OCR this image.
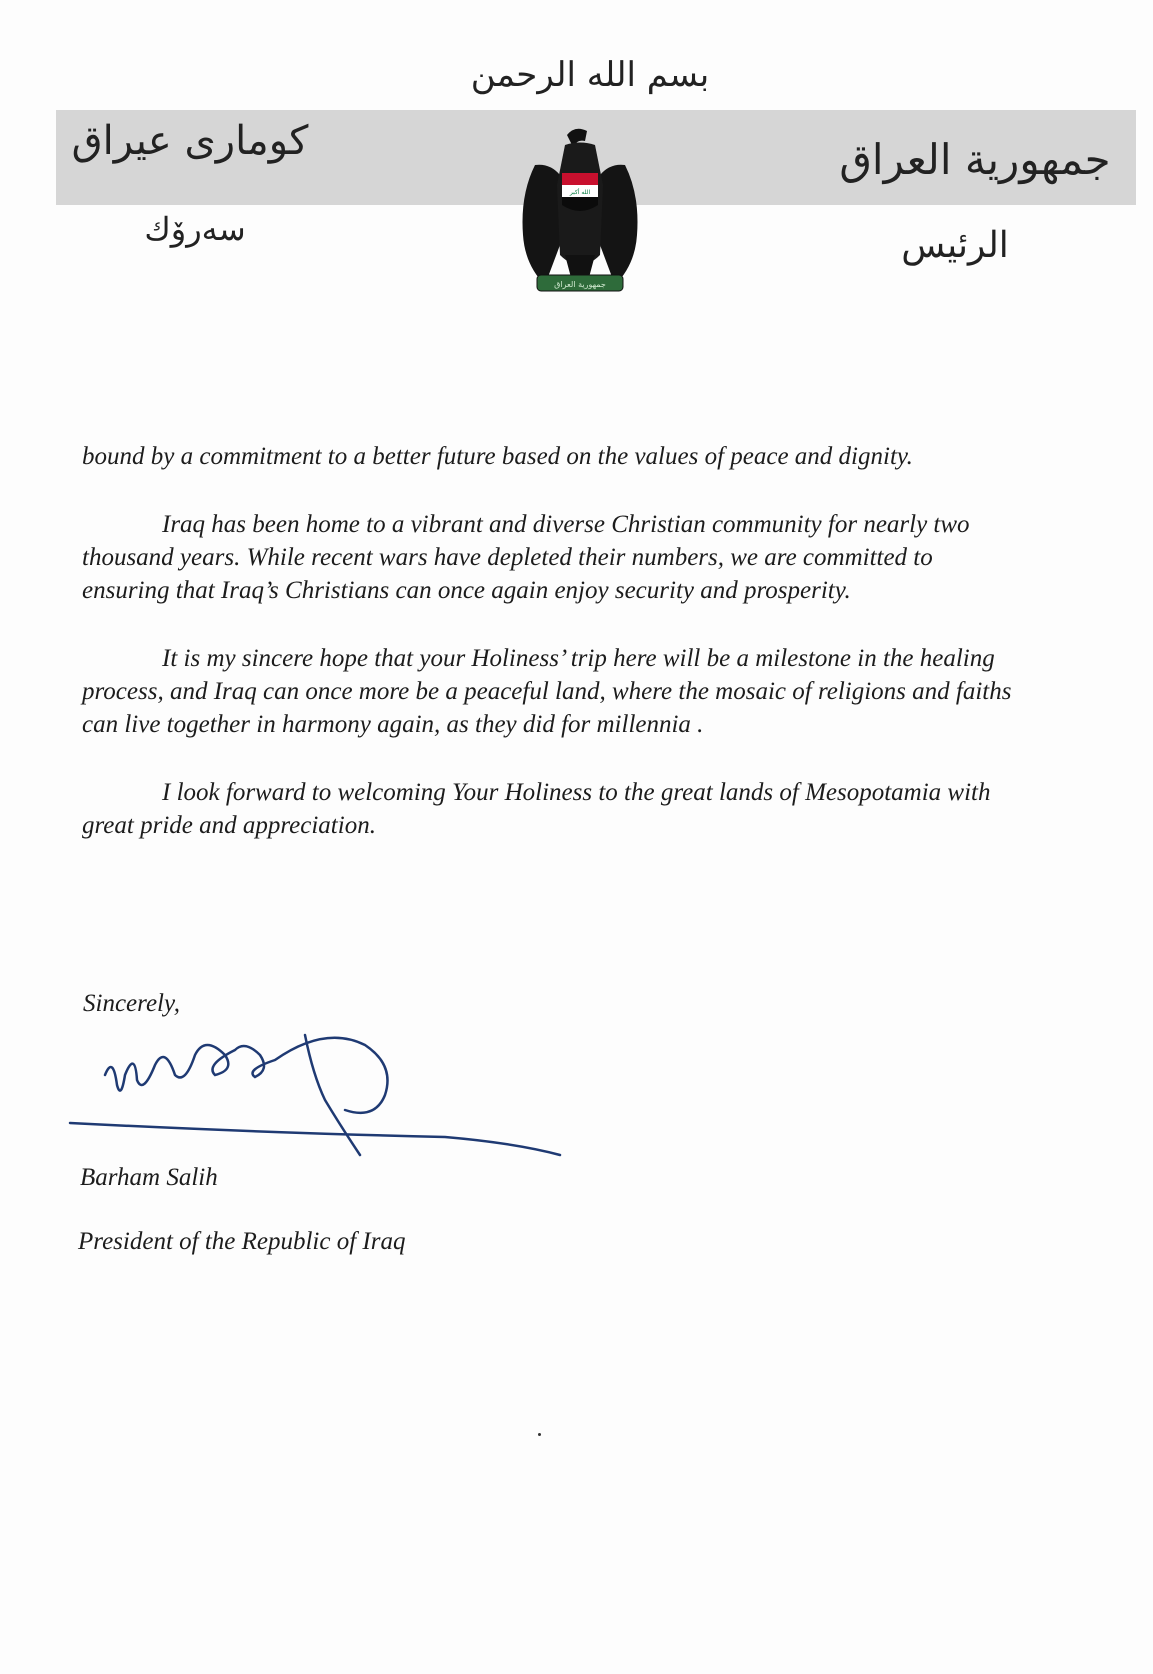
بسم الله الرحمن
كوماری عیراق
سەرۆك
جمهورية العراق
الرئيس
الله أكبر
جمهورية العراق

bound by a commitment to a better future based on the values of peace and dignity.

Iraq has been home to a vibrant and diverse Christian community for nearly two thousand years. While recent wars have depleted their numbers, we are committed to ensuring that Iraq’s Christians can once again enjoy security and prosperity.

It is my sincere hope that your Holiness’ trip here will be a milestone in the healing process, and Iraq can once more be a peaceful land, where the mosaic of religions and faiths can live together in harmony again, as they did for millennia .

I look forward to welcoming Your Holiness to the great lands of Mesopotamia with great pride and appreciation.

Sincerely,
Barham Salih
President of the Republic of Iraq
